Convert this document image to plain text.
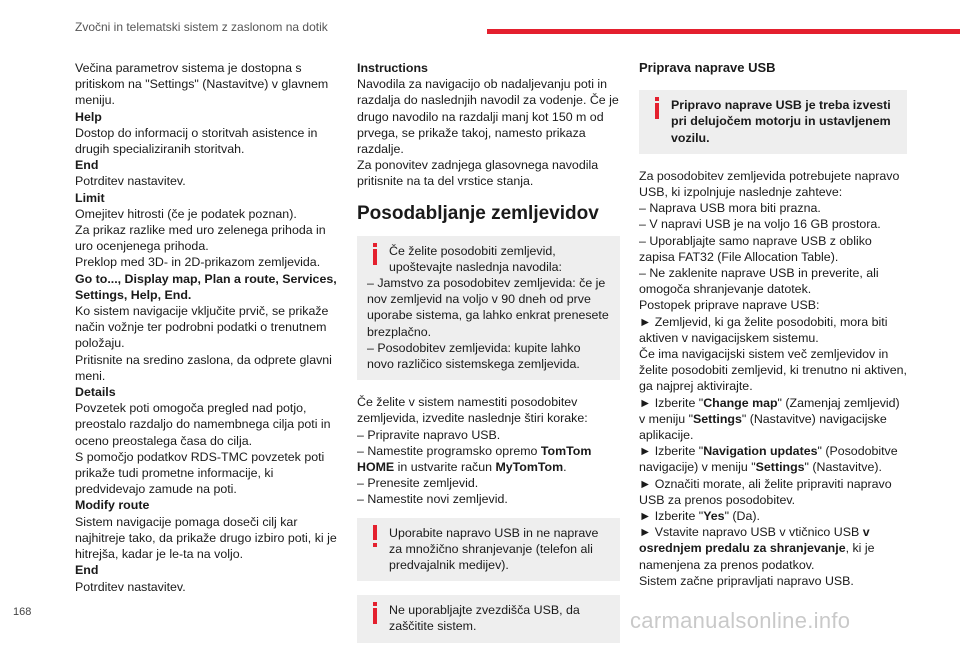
Zvočni in telematski sistem z zaslonom na dotik

Večina parametrov sistema je dostopna s pritiskom na "Settings" (Nastavitve) v glavnem meniju.

Help

Dostop do informacij o storitvah asistence in drugih specializiranih storitvah.

End

Potrditev nastavitev.

Limit

Omejitev hitrosti (če je podatek poznan).

Za prikaz razlike med uro zelenega prihoda in uro ocenjenega prihoda.

Preklop med 3D- in 2D-prikazom zemljevida.

Go to..., Display map, Plan a route, Services, Settings, Help, End.

Ko sistem navigacije vključite prvič, se prikaže način vožnje ter podrobni podatki o trenutnem položaju.

Pritisnite na sredino zaslona, da odprete glavni meni.

Details

Povzetek poti omogoča pregled nad potjo, preostalo razdaljo do namembnega cilja poti in oceno preostalega časa do cilja.

S pomočjo podatkov RDS-TMC povzetek poti prikaže tudi prometne informacije, ki predvidevajo zamude na poti.

Modify route

Sistem navigacije pomaga doseči cilj kar najhitreje tako, da prikaže drugo izbiro poti, ki je hitrejša, kadar je le-ta na voljo.

End

Potrditev nastavitev.

Instructions

Navodila za navigacijo ob nadaljevanju poti in razdalja do naslednjih navodil za vodenje. Če je drugo navodilo na razdalji manj kot 150 m od prvega, se prikaže takoj, namesto prikaza razdalje.

Za ponovitev zadnjega glasovnega navodila pritisnite na ta del vrstice stanja.

Posodabljanje zemljevidov

Če želite posodobiti zemljevid, upoštevajte naslednja navodila:

– Jamstvo za posodobitev zemljevida: če je nov zemljevid na voljo v 90 dneh od prve uporabe sistema, ga lahko enkrat prenesete brezplačno.

– Posodobitev zemljevida: kupite lahko novo različico sistemskega zemljevida.

Če želite v sistem namestiti posodobitev zemljevida, izvedite naslednje štiri korake:

– Pripravite napravo USB.

– Namestite programsko opremo TomTom HOME in ustvarite račun MyTomTom.

– Prenesite zemljevid.

– Namestite novi zemljevid.

Uporabite napravo USB in ne naprave za množično shranjevanje (telefon ali predvajalnik medijev).

Ne uporabljajte zvezdišča USB, da zaščitite sistem.

Priprava naprave USB

Pripravo naprave USB je treba izvesti pri delujočem motorju in ustavljenem vozilu.

Za posodobitev zemljevida potrebujete napravo USB, ki izpolnjuje naslednje zahteve:

– Naprava USB mora biti prazna.

– V napravi USB je na voljo 16 GB prostora.

– Uporabljajte samo naprave USB z obliko zapisa FAT32 (File Allocation Table).

– Ne zaklenite naprave USB in preverite, ali omogoča shranjevanje datotek.

Postopek priprave naprave USB:

► Zemljevid, ki ga želite posodobiti, mora biti aktiven v navigacijskem sistemu.

Če ima navigacijski sistem več zemljevidov in želite posodobiti zemljevid, ki trenutno ni aktiven, ga najprej aktivirajte.

► Izberite "Change map" (Zamenjaj zemljevid) v meniju "Settings" (Nastavitve) navigacijske aplikacije.

► Izberite "Navigation updates" (Posodobitve navigacije) v meniju "Settings" (Nastavitve).

► Označiti morate, ali želite pripraviti napravo USB za prenos posodobitev.

► Izberite "Yes" (Da).

► Vstavite napravo USB v vtičnico USB v osrednjem predalu za shranjevanje, ki je namenjena za prenos podatkov.

Sistem začne pripravljati napravo USB.

168	carmanualsonline.info
